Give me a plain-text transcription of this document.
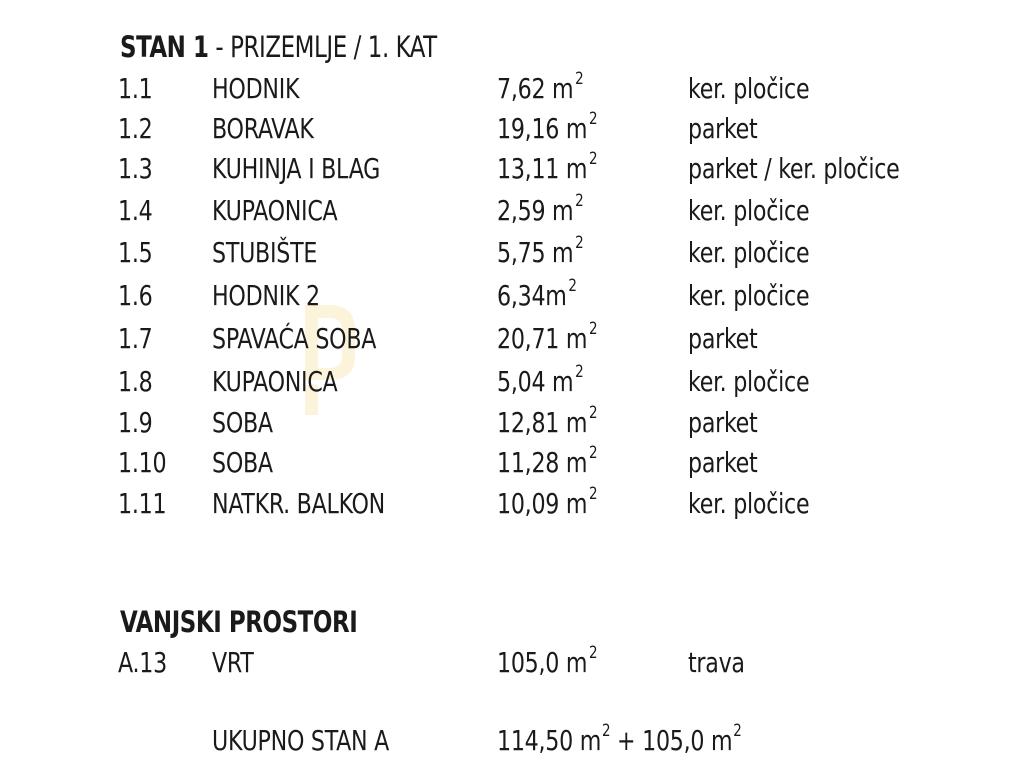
STAN 1 - PRIZEMLJE / 1. KAT
1.1 HODNIK	7,62 m $^2$	ker. pločice
1.2 BORAVAK	19,16 m $^2$	parket
1.3 KUHINJA I BLAG	13,11 m $^2$	parket / ker. pločice
1.4 KUPAONICA	2,59 m $^2$	ker. pločice
1.5 STUBIŠTE	5,75 m $^2$	ker. pločice
1.6 HODNIK 2	6,34m $^2$	ker. pločice
1.7 SPAVAĆA SOBA	20,71 m $^2$	parket
1.8 KUPAONICA	5,04 m $^2$	ker. pločice
1.9 SOBA	12,81 m $^2$	parket
1.10 SOBA	11,28 m $^2$	parket
1.11 NATKR. BALKON	10,09 m $^2$	ker. pločice
VANJSKI PROSTORI
A.13 VRT	105,0 m $^2$	trava
UKUPNO STAN A	114,50 $m^2 + 105,0$ $m^2$
